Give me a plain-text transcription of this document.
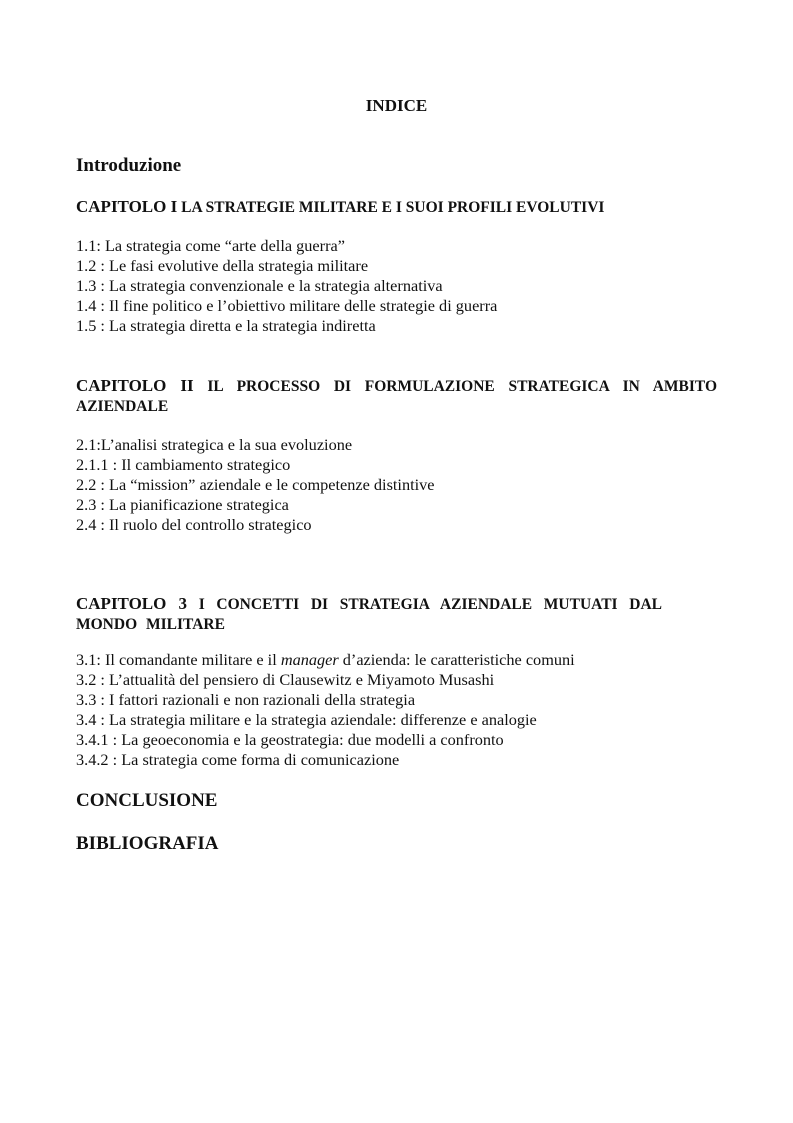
INDICE
Introduzione
CAPITOLO I LA STRATEGIE MILITARE E I SUOI PROFILI EVOLUTIVI
1.1: La strategia come “arte della guerra”
1.2 : Le fasi evolutive della strategia militare
1.3 : La strategia convenzionale e la strategia alternativa
1.4 : Il fine politico e l’obiettivo militare delle strategie di guerra
1.5 : La strategia diretta e la strategia indiretta
CAPITOLO II IL PROCESSO DI FORMULAZIONE STRATEGICA IN AMBITO AZIENDALE
2.1:L’analisi strategica e la sua evoluzione
2.1.1 : Il cambiamento strategico
2.2 : La “mission” aziendale e le competenze distintive
2.3 : La pianificazione strategica
2.4 : Il ruolo del controllo strategico
CAPITOLO 3 I CONCETTI DI STRATEGIA AZIENDALE MUTUATI DAL MONDO MILITARE
3.1: Il comandante militare e il manager d’azienda: le caratteristiche comuni
3.2 : L’attualità del pensiero di Clausewitz e Miyamoto Musashi
3.3 : I fattori razionali e non razionali della strategia
3.4 : La strategia militare e la strategia aziendale: differenze e analogie
3.4.1 : La geoeconomia e la geostrategia: due modelli a confronto
3.4.2 : La strategia come forma di comunicazione
CONCLUSIONE
BIBLIOGRAFIA
